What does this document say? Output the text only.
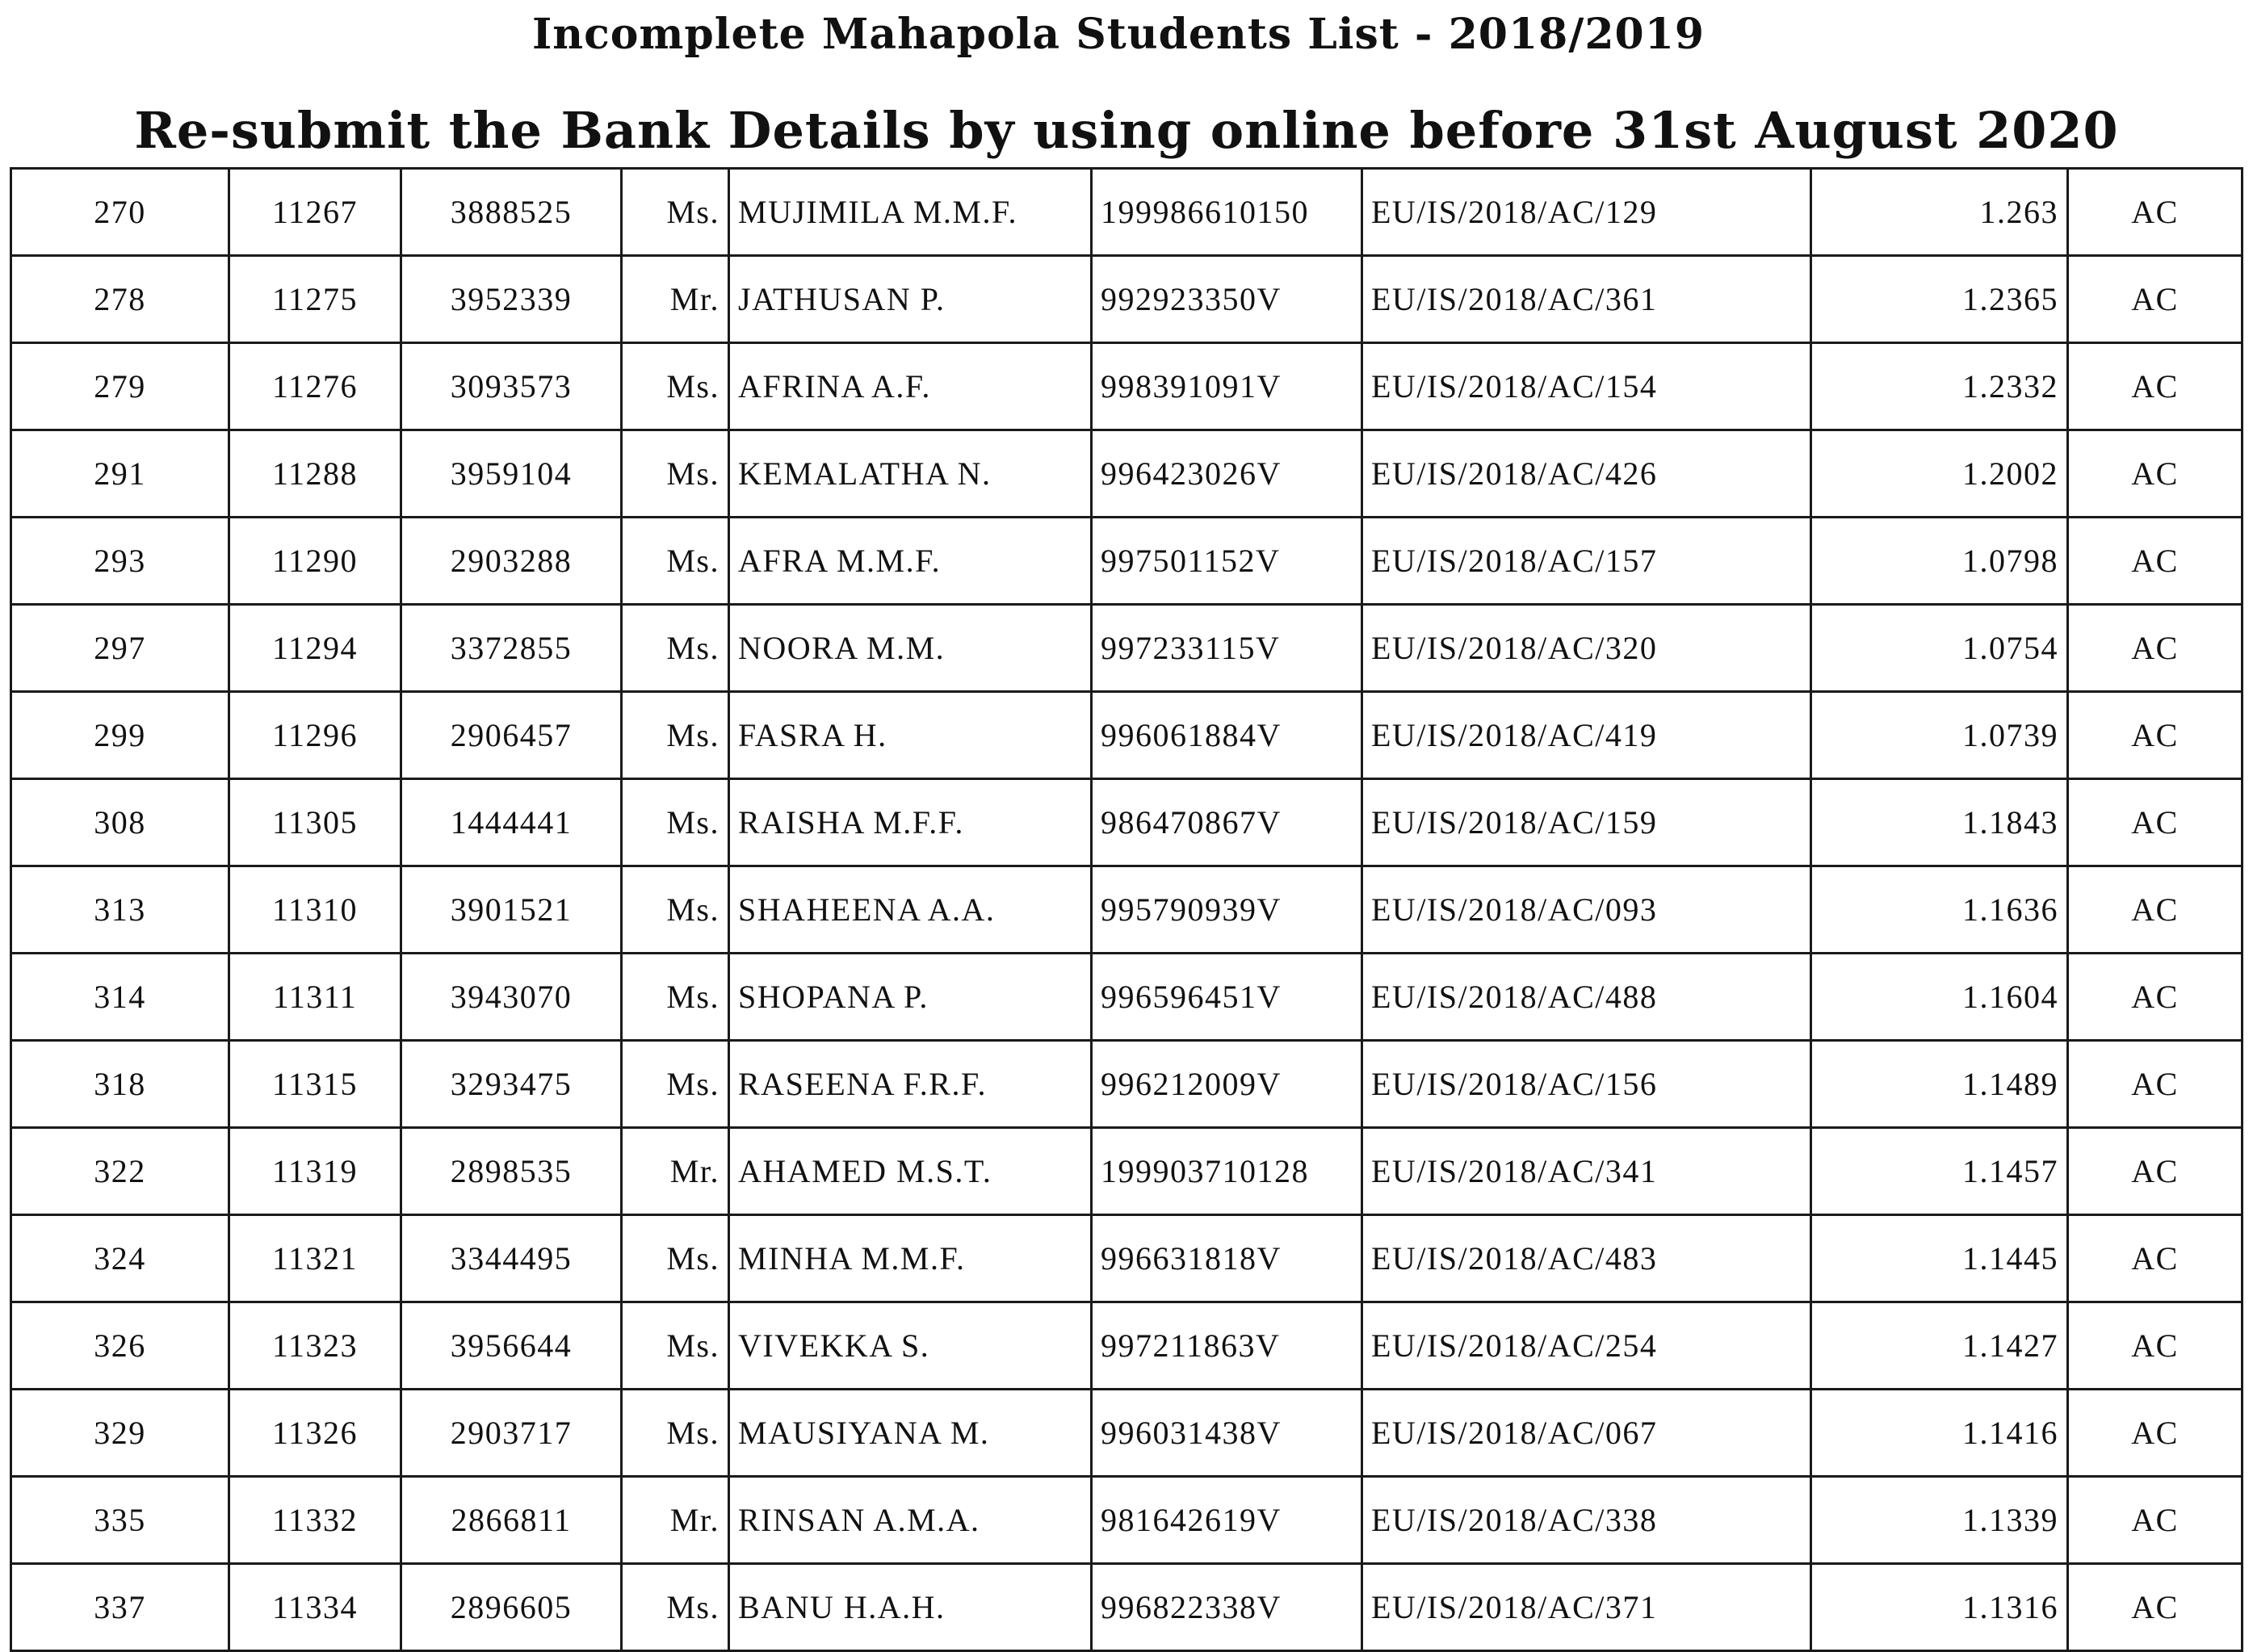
Incomplete Mahapola Students List - 2018/2019
Re-submit the Bank Details by using online before 31st August 2020
270	11267	3888525	Ms.	MUJIMILA M.M.F.	199986610150	EU/IS/2018/AC/129	1.263	AC
278	11275	3952339	Mr.	JATHUSAN P.	992923350V	EU/IS/2018/AC/361	1.2365	AC
279	11276	3093573	Ms.	AFRINA A.F.	998391091V	EU/IS/2018/AC/154	1.2332	AC
291	11288	3959104	Ms.	KEMALATHA N.	996423026V	EU/IS/2018/AC/426	1.2002	AC
293	11290	2903288	Ms.	AFRA M.M.F.	997501152V	EU/IS/2018/AC/157	1.0798	AC
297	11294	3372855	Ms.	NOORA M.M.	997233115V	EU/IS/2018/AC/320	1.0754	AC
299	11296	2906457	Ms.	FASRA H.	996061884V	EU/IS/2018/AC/419	1.0739	AC
308	11305	1444441	Ms.	RAISHA M.F.F.	986470867V	EU/IS/2018/AC/159	1.1843	AC
313	11310	3901521	Ms.	SHAHEENA A.A.	995790939V	EU/IS/2018/AC/093	1.1636	AC
314	11311	3943070	Ms.	SHOPANA P.	996596451V	EU/IS/2018/AC/488	1.1604	AC
318	11315	3293475	Ms.	RASEENA F.R.F.	996212009V	EU/IS/2018/AC/156	1.1489	AC
322	11319	2898535	Mr.	AHAMED M.S.T.	199903710128	EU/IS/2018/AC/341	1.1457	AC
324	11321	3344495	Ms.	MINHA M.M.F.	996631818V	EU/IS/2018/AC/483	1.1445	AC
326	11323	3956644	Ms.	VIVEKKA S.	997211863V	EU/IS/2018/AC/254	1.1427	AC
329	11326	2903717	Ms.	MAUSIYANA M.	996031438V	EU/IS/2018/AC/067	1.1416	AC
335	11332	2866811	Mr.	RINSAN A.M.A.	981642619V	EU/IS/2018/AC/338	1.1339	AC
337	11334	2896605	Ms.	BANU H.A.H.	996822338V	EU/IS/2018/AC/371	1.1316	AC
